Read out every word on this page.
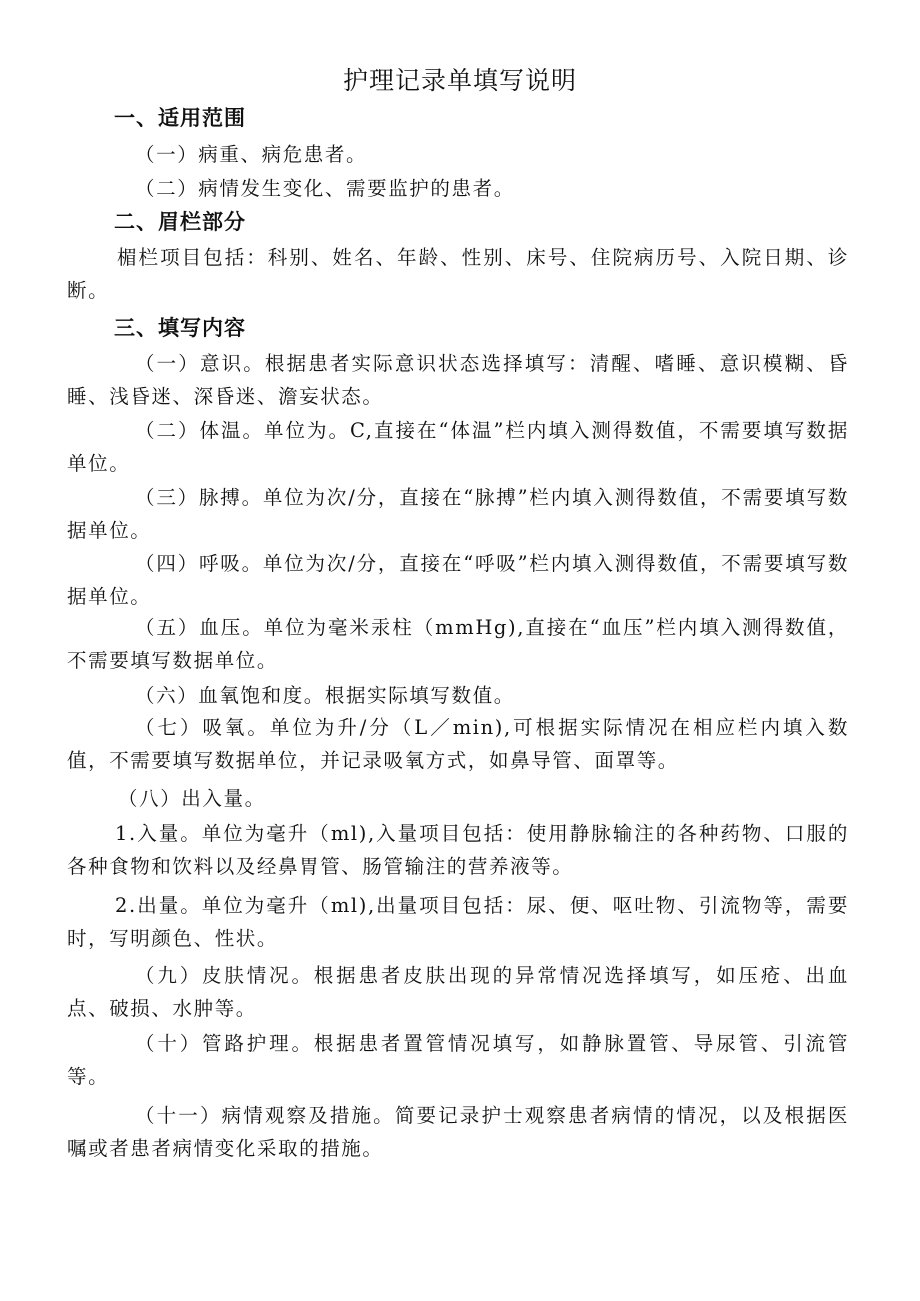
护理记录单填写说明
一、适用范围
（一）病重、病危患者。
（二）病情发生变化、需要监护的患者。
二、眉栏部分

楣栏项目包括：科别、姓名、年龄、性别、床号、住院病历号、入院日期、诊断。

三、填写内容

（一）意识。根据患者实际意识状态选择填写：清醒、嗜睡、意识模糊、昏睡、浅昏迷、深昏迷、澹妄状态。

（二）体温。单位为。C,直接在“体温”栏内填入测得数值，不需要填写数据单位。

（三）脉搏。单位为次/分，直接在“脉搏”栏内填入测得数值，不需要填写数据单位。

（四）呼吸。单位为次/分，直接在“呼吸”栏内填入测得数值，不需要填写数据单位。

（五）血压。单位为毫米汞柱（mmHg),直接在“血压”栏内填入测得数值，不需要填写数据单位。

（六）血氧饱和度。根据实际填写数值。

（七）吸氧。单位为升/分（L／min),可根据实际情况在相应栏内填入数值，不需要填写数据单位，并记录吸氧方式，如鼻导管、面罩等。

（八）出入量。

1.入量。单位为毫升（ml),入量项目包括：使用静脉输注的各种药物、口服的各种食物和饮料以及经鼻胃管、肠管输注的营养液等。

2.出量。单位为毫升（ml),出量项目包括：尿、便、呕吐物、引流物等，需要时，写明颜色、性状。

（九）皮肤情况。根据患者皮肤出现的异常情况选择填写，如压疮、出血点、破损、水肿等。

（十）管路护理。根据患者置管情况填写，如静脉置管、导尿管、引流管等。

（十一）病情观察及措施。简要记录护士观察患者病情的情况，以及根据医嘱或者患者病情变化采取的措施。
